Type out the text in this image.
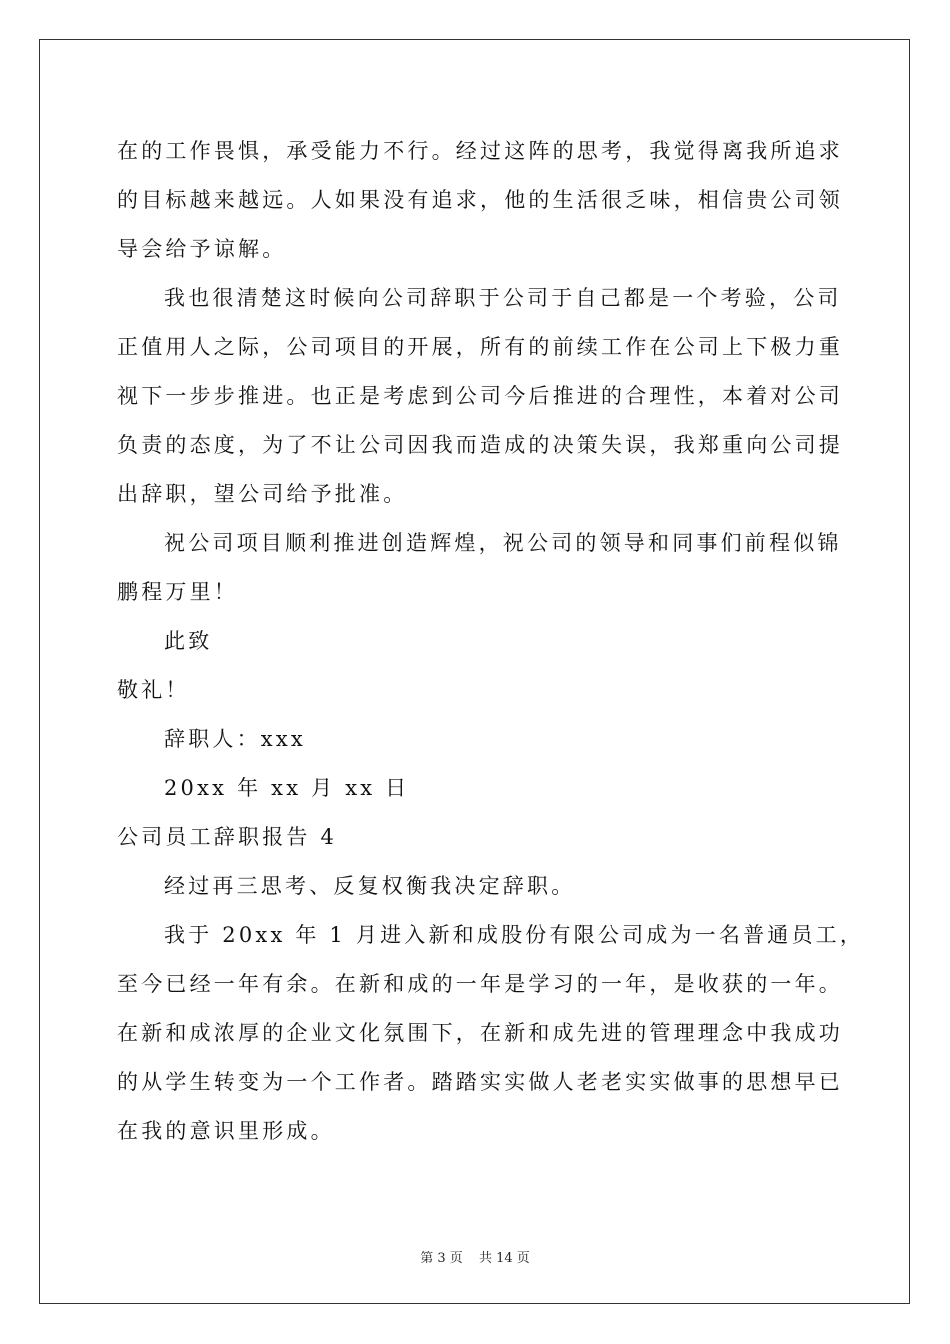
在的工作畏惧，承受能力不行。经过这阵的思考，我觉得离我所追求
的目标越来越远。人如果没有追求，他的生活很乏味，相信贵公司领
导会给予谅解。
我也很清楚这时候向公司辞职于公司于自己都是一个考验，公司
正值用人之际，公司项目的开展，所有的前续工作在公司上下极力重
视下一步步推进。也正是考虑到公司今后推进的合理性，本着对公司
负责的态度，为了不让公司因我而造成的决策失误，我郑重向公司提
出辞职，望公司给予批准。
祝公司项目顺利推进创造辉煌，祝公司的领导和同事们前程似锦
鹏程万里！
此致
敬礼！
辞职人：xxx
20xx 年 xx 月 xx 日
公司员工辞职报告 4
经过再三思考、反复权衡我决定辞职。
我于 20xx 年 1 月进入新和成股份有限公司成为一名普通员工，
至今已经一年有余。在新和成的一年是学习的一年，是收获的一年。
在新和成浓厚的企业文化氛围下，在新和成先进的管理理念中我成功
的从学生转变为一个工作者。踏踏实实做人老老实实做事的思想早已
在我的意识里形成。
第 3 页 共 14 页
